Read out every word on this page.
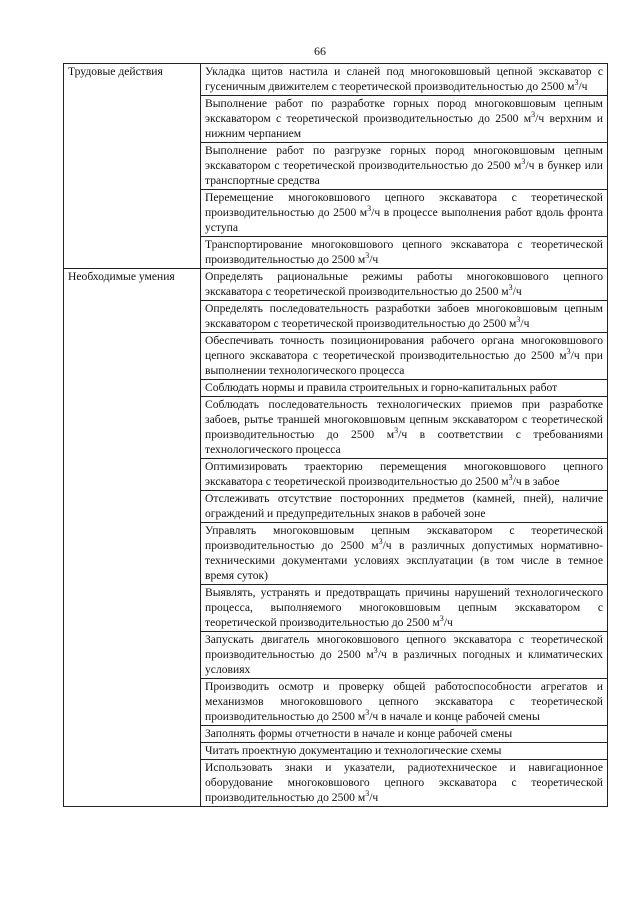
66
Трудовые действия	Укладка щитов настила и сланей под многоковшовый цепной экскаватор с гусеничным движителем с теоретической производительностью до 2500 $м^3/ч$
	Выполнение работ по разработке горных пород многоковшовым цепным экскаватором с теоретической производительностью до 2500 $м^3/ч$ верхним и нижним черпанием
	Выполнение работ по разгрузке горных пород многоковшовым цепным экскаватором с теоретической производительностью до 2500 $м^3/ч$ в бункер или транспортные средства
	Перемещение многоковшового цепного экскаватора с теоретической производительностью до 2500 $м^3/ч$ в процессе выполнения работ вдоль фронта уступа
	Транспортирование многоковшового цепного экскаватора с теоретической производительностью до 2500 $м^3/ч$
Необходимые умения	Определять рациональные режимы работы многоковшового цепного экскаватора с теоретической производительностью до 2500 $м^3/ч$
	Определять последовательность разработки забоев многоковшовым цепным экскаватором с теоретической производительностью до 2500 $м^3/ч$
	Обеспечивать точность позиционирования рабочего органа многоковшового цепного экскаватора с теоретической производительностью до 2500 $м^3/ч$ при выполнении технологического процесса
	Соблюдать нормы и правила строительных и горно-капитальных работ
	Соблюдать последовательность технологических приемов при разработке забоев, рытье траншей многоковшовым цепным экскаватором с теоретической производительностью до 2500 $м^3/ч$ в соответствии с требованиями технологического процесса
	Оптимизировать траекторию перемещения многоковшового цепного экскаватора с теоретической производительностью до 2500 $м^3/ч$ в забое
	Отслеживать отсутствие посторонних предметов (камней, пней), наличие ограждений и предупредительных знаков в рабочей зоне
	Управлять многоковшовым цепным экскаватором с теоретической производительностью до 2500 $м^3/ч$ в различных допустимых нормативно-техническими документами условиях эксплуатации (в том числе в темное время суток)
	Выявлять, устранять и предотвращать причины нарушений технологического процесса, выполняемого многоковшовым цепным экскаватором с теоретической производительностью до 2500 $м^3/ч$
	Запускать двигатель многоковшового цепного экскаватора с теоретической производительностью до 2500 $м^3/ч$ в различных погодных и климатических условиях
	Производить осмотр и проверку общей работоспособности агрегатов и механизмов многоковшового цепного экскаватора с теоретической производительностью до 2500 $м^3/ч$ в начале и конце рабочей смены
	Заполнять формы отчетности в начале и конце рабочей смены
	Читать проектную документацию и технологические схемы
	Использовать знаки и указатели, радиотехническое и навигационное оборудование многоковшового цепного экскаватора с теоретической производительностью до 2500 $м^3/ч$
